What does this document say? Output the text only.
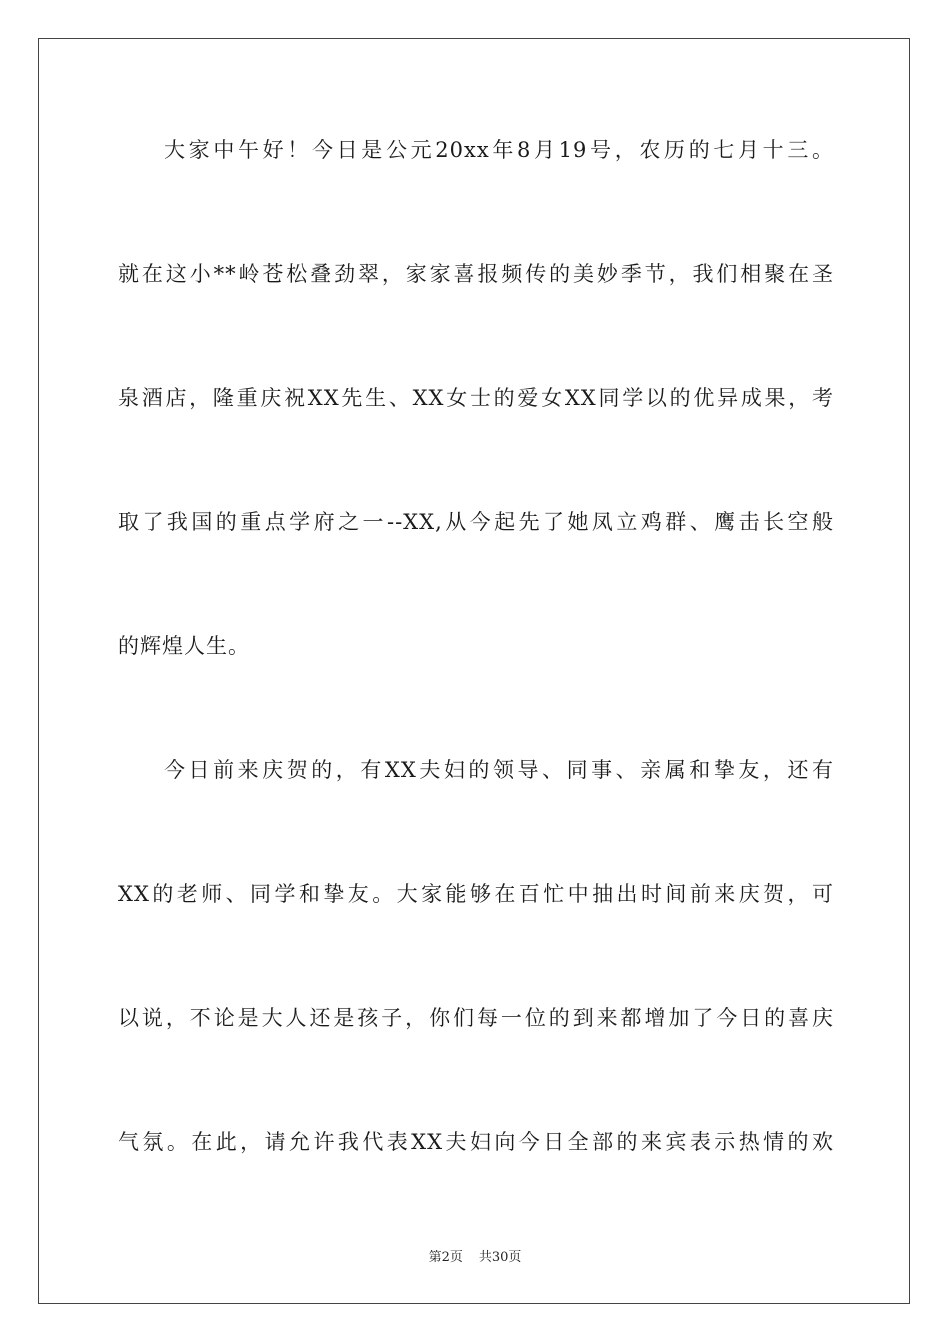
大家中午好！今日是公元20xx年8月19号，农历的七月十三。
就在这小**岭苍松叠劲翠，家家喜报频传的美妙季节，我们相聚在圣
泉酒店，隆重庆祝XX先生、XX女士的爱女XX同学以的优异成果，考
取了我国的重点学府之一--XX,从今起先了她凤立鸡群、鹰击长空般
的辉煌人生。
今日前来庆贺的，有XX夫妇的领导、同事、亲属和挚友，还有
XX的老师、同学和挚友。大家能够在百忙中抽出时间前来庆贺，可
以说，不论是大人还是孩子，你们每一位的到来都增加了今日的喜庆
气氛。在此，请允许我代表XX夫妇向今日全部的来宾表示热情的欢
第2页 共30页
